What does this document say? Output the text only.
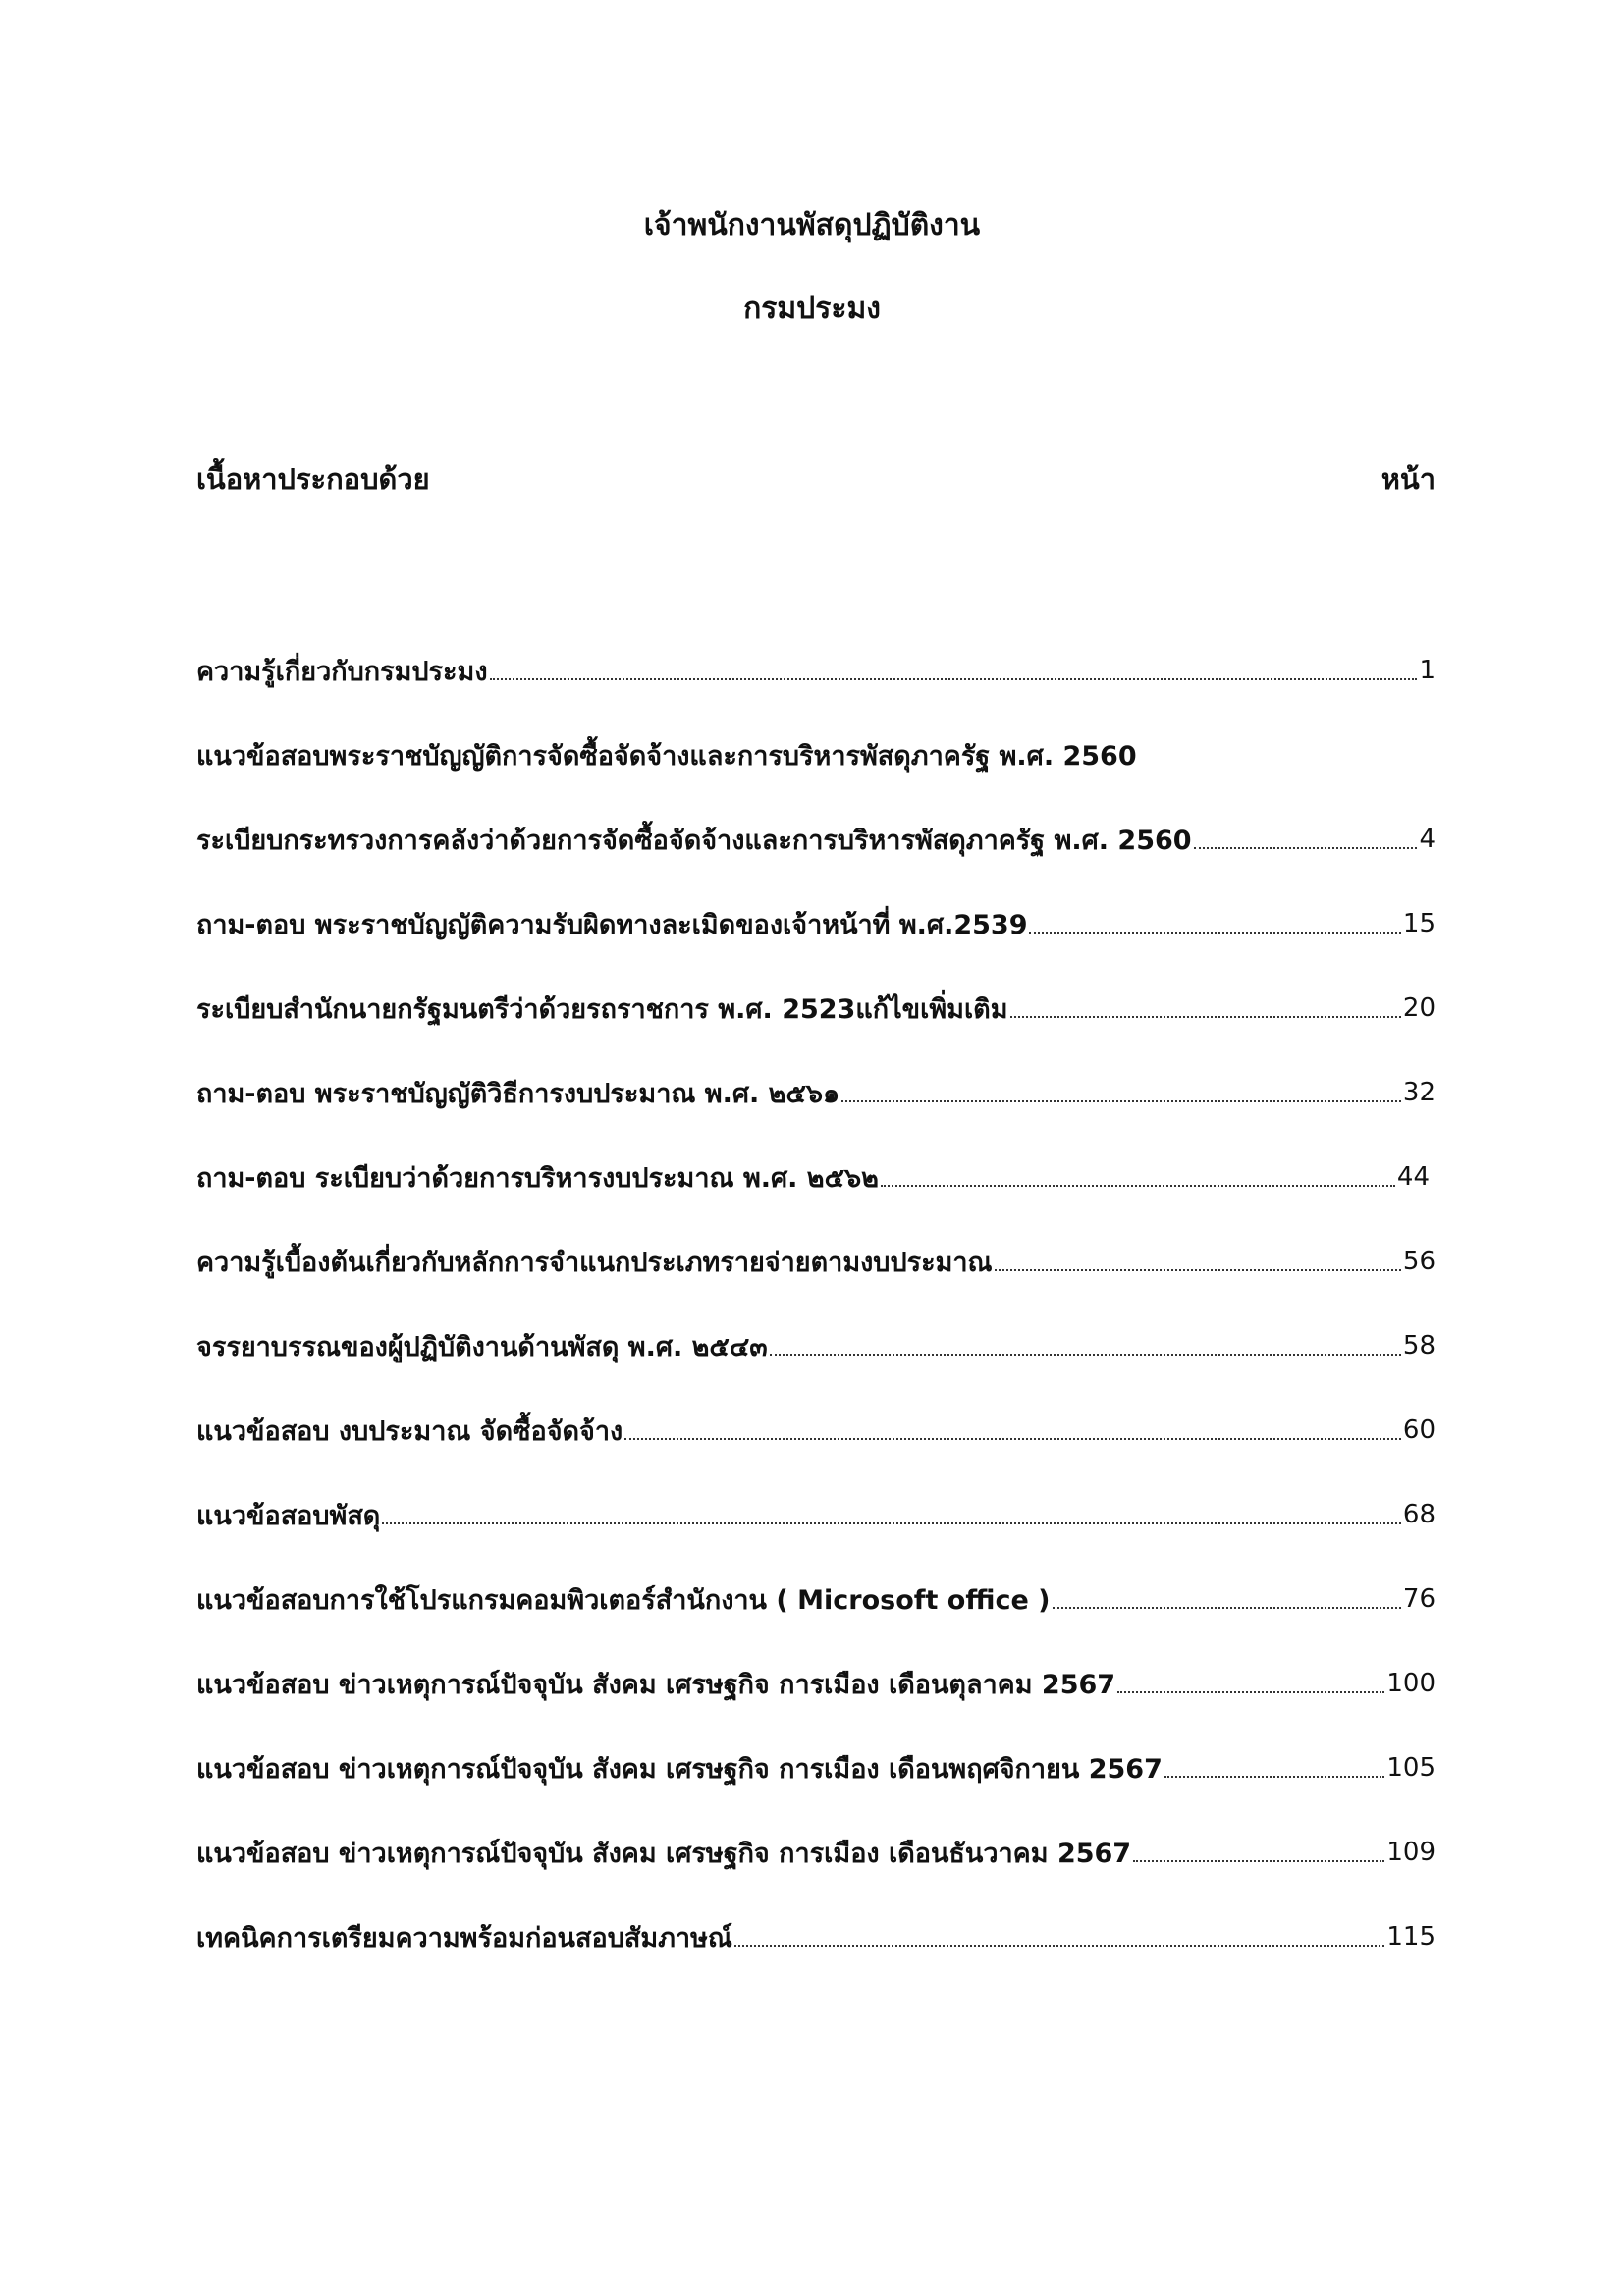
เจ้าพนักงานพัสดุปฏิบัติงาน
กรมประมง
เนื้อหาประกอบด้วย	หน้า
ความรู้เกี่ยวกับกรมประมง	1
แนวข้อสอบพระราชบัญญัติการจัดซื้อจัดจ้างและการบริหารพัสดุภาครัฐ พ.ศ. 2560
ระเบียบกระทรวงการคลังว่าด้วยการจัดซื้อจัดจ้างและการบริหารพัสดุภาครัฐ พ.ศ. 2560	4
ถาม-ตอบ พระราชบัญญัติความรับผิดทางละเมิดของเจ้าหน้าที่ พ.ศ.2539	15
ระเบียบสำนักนายกรัฐมนตรีว่าด้วยรถราชการ พ.ศ. 2523แก้ไขเพิ่มเติม	20
ถาม-ตอบ พระราชบัญญัติวิธีการงบประมาณ พ.ศ. ๒๕๖๑	32
ถาม-ตอบ ระเบียบว่าด้วยการบริหารงบประมาณ พ.ศ. ๒๕๖๒	44
ความรู้เบื้องต้นเกี่ยวกับหลักการจำแนกประเภทรายจ่ายตามงบประมาณ	56
จรรยาบรรณของผู้ปฏิบัติงานด้านพัสดุ พ.ศ. ๒๕๔๓	58
แนวข้อสอบ งบประมาณ จัดซื้อจัดจ้าง	60
แนวข้อสอบพัสดุ	68
แนวข้อสอบการใช้โปรแกรมคอมพิวเตอร์สำนักงาน ( Microsoft office )	76
แนวข้อสอบ ข่าวเหตุการณ์ปัจจุบัน สังคม เศรษฐกิจ การเมือง เดือนตุลาคม 2567	100
แนวข้อสอบ ข่าวเหตุการณ์ปัจจุบัน สังคม เศรษฐกิจ การเมือง เดือนพฤศจิกายน 2567	105
แนวข้อสอบ ข่าวเหตุการณ์ปัจจุบัน สังคม เศรษฐกิจ การเมือง เดือนธันวาคม 2567	109
เทคนิคการเตรียมความพร้อมก่อนสอบสัมภาษณ์	115
